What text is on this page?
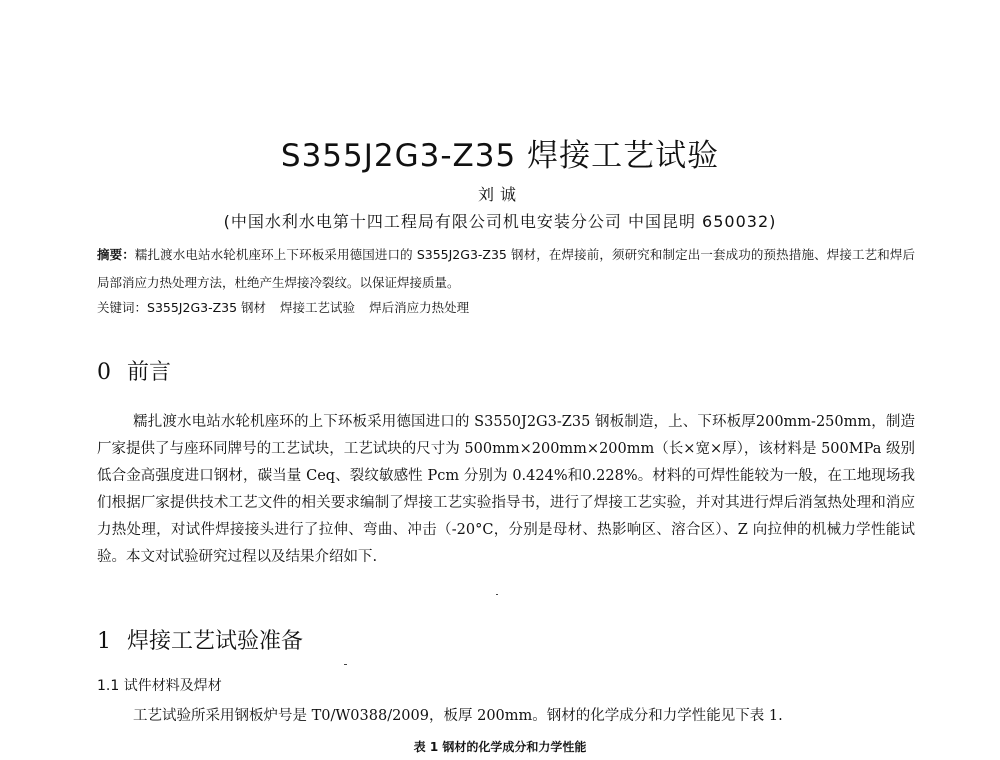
S355J2G3-Z35 焊接工艺试验
刘诚
(中国水利水电第十四工程局有限公司机电安装分公司 中国昆明 650032)
摘要：糯扎渡水电站水轮机座环上下环板采用德国进口的 S355J2G3-Z35 钢材，在焊接前，须研究和制定出一套成功的预热措施、焊接工艺和焊后局部消应力热处理方法，杜绝产生焊接冷裂纹。以保证焊接质量。
关键词：S355J2G3-Z35 钢材 焊接工艺试验 焊后消应力热处理
0 前言
糯扎渡水电站水轮机座环的上下环板采用德国进口的 S3550J2G3-Z35 钢板制造，上、下环板厚200mm-250mm，制造厂家提供了与座环同牌号的工艺试块，工艺试块的尺寸为 500mm×200mm×200mm（长×宽×厚），该材料是 500MPa 级别低合金高强度进口钢材，碳当量 Ceq、裂纹敏感性 Pcm 分别为 0.424%和0.228%。材料的可焊性能较为一般，在工地现场我们根据厂家提供技术工艺文件的相关要求编制了焊接工艺实验指导书，进行了焊接工艺实验，并对其进行焊后消氢热处理和消应力热处理，对试件焊接接头进行了拉伸、弯曲、冲击（-20°C，分别是母材、热影响区、溶合区）、Z 向拉伸的机械力学性能试验。本文对试验研究过程以及结果介绍如下.
1 焊接工艺试验准备
1.1 试件材料及焊材
工艺试验所采用钢板炉号是 T0/W0388/2009，板厚 200mm。钢材的化学成分和力学性能见下表 1.
表 1 钢材的化学成分和力学性能
